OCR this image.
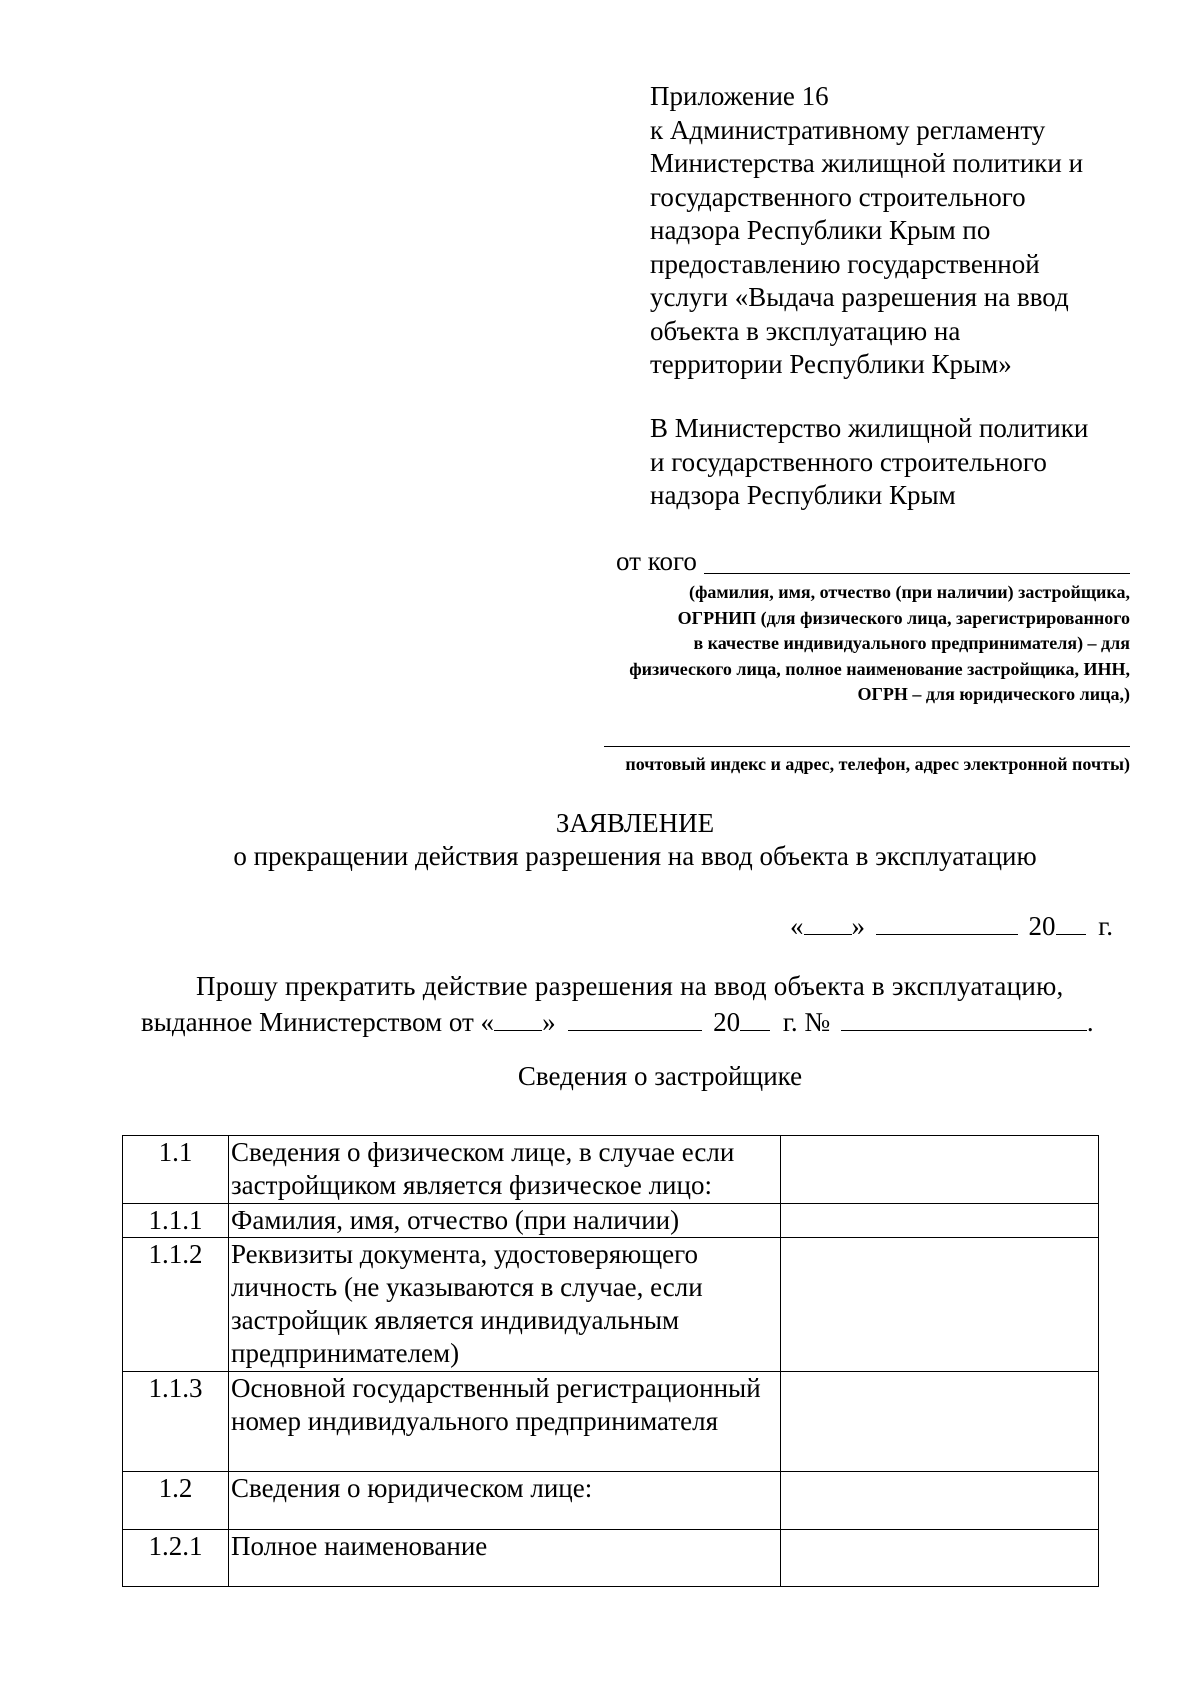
Приложение 16
к Административному регламенту
Министерства жилищной политики и
государственного строительного
надзора Республики Крым по
предоставлению государственной
услуги «Выдача разрешения на ввод
объекта в эксплуатацию на
территории Республики Крым»
В Министерство жилищной политики
и государственного строительного
надзора Республики Крым
от кого
(фамилия, имя, отчество (при наличии) застройщика,
ОГРНИП (для физического лица, зарегистрированного
в качестве индивидуального предпринимателя) – для
физического лица, полное наименование застройщика, ИНН,
ОГРН – для юридического лица,)
почтовый индекс и адрес, телефон, адрес электронной почты)
ЗАЯВЛЕНИЕ
о прекращении действия разрешения на ввод объекта в эксплуатацию
« »	20 г.
Прошу прекратить действие разрешения на ввод объекта в эксплуатацию,
выданное Министерством от « »	20 г. №	.
Сведения о застройщике
1.1	Сведения о физическом лице, в случае если застройщиком является физическое лицо:	
1.1.1	Фамилия, имя, отчество (при наличии)	
1.1.2	Реквизиты документа, удостоверяющего личность (не указываются в случае, если застройщик является индивидуальным предпринимателем)	
1.1.3	Основной государственный регистрационный номер индивидуального предпринимателя	
1.2	Сведения о юридическом лице:	
1.2.1	Полное наименование	
